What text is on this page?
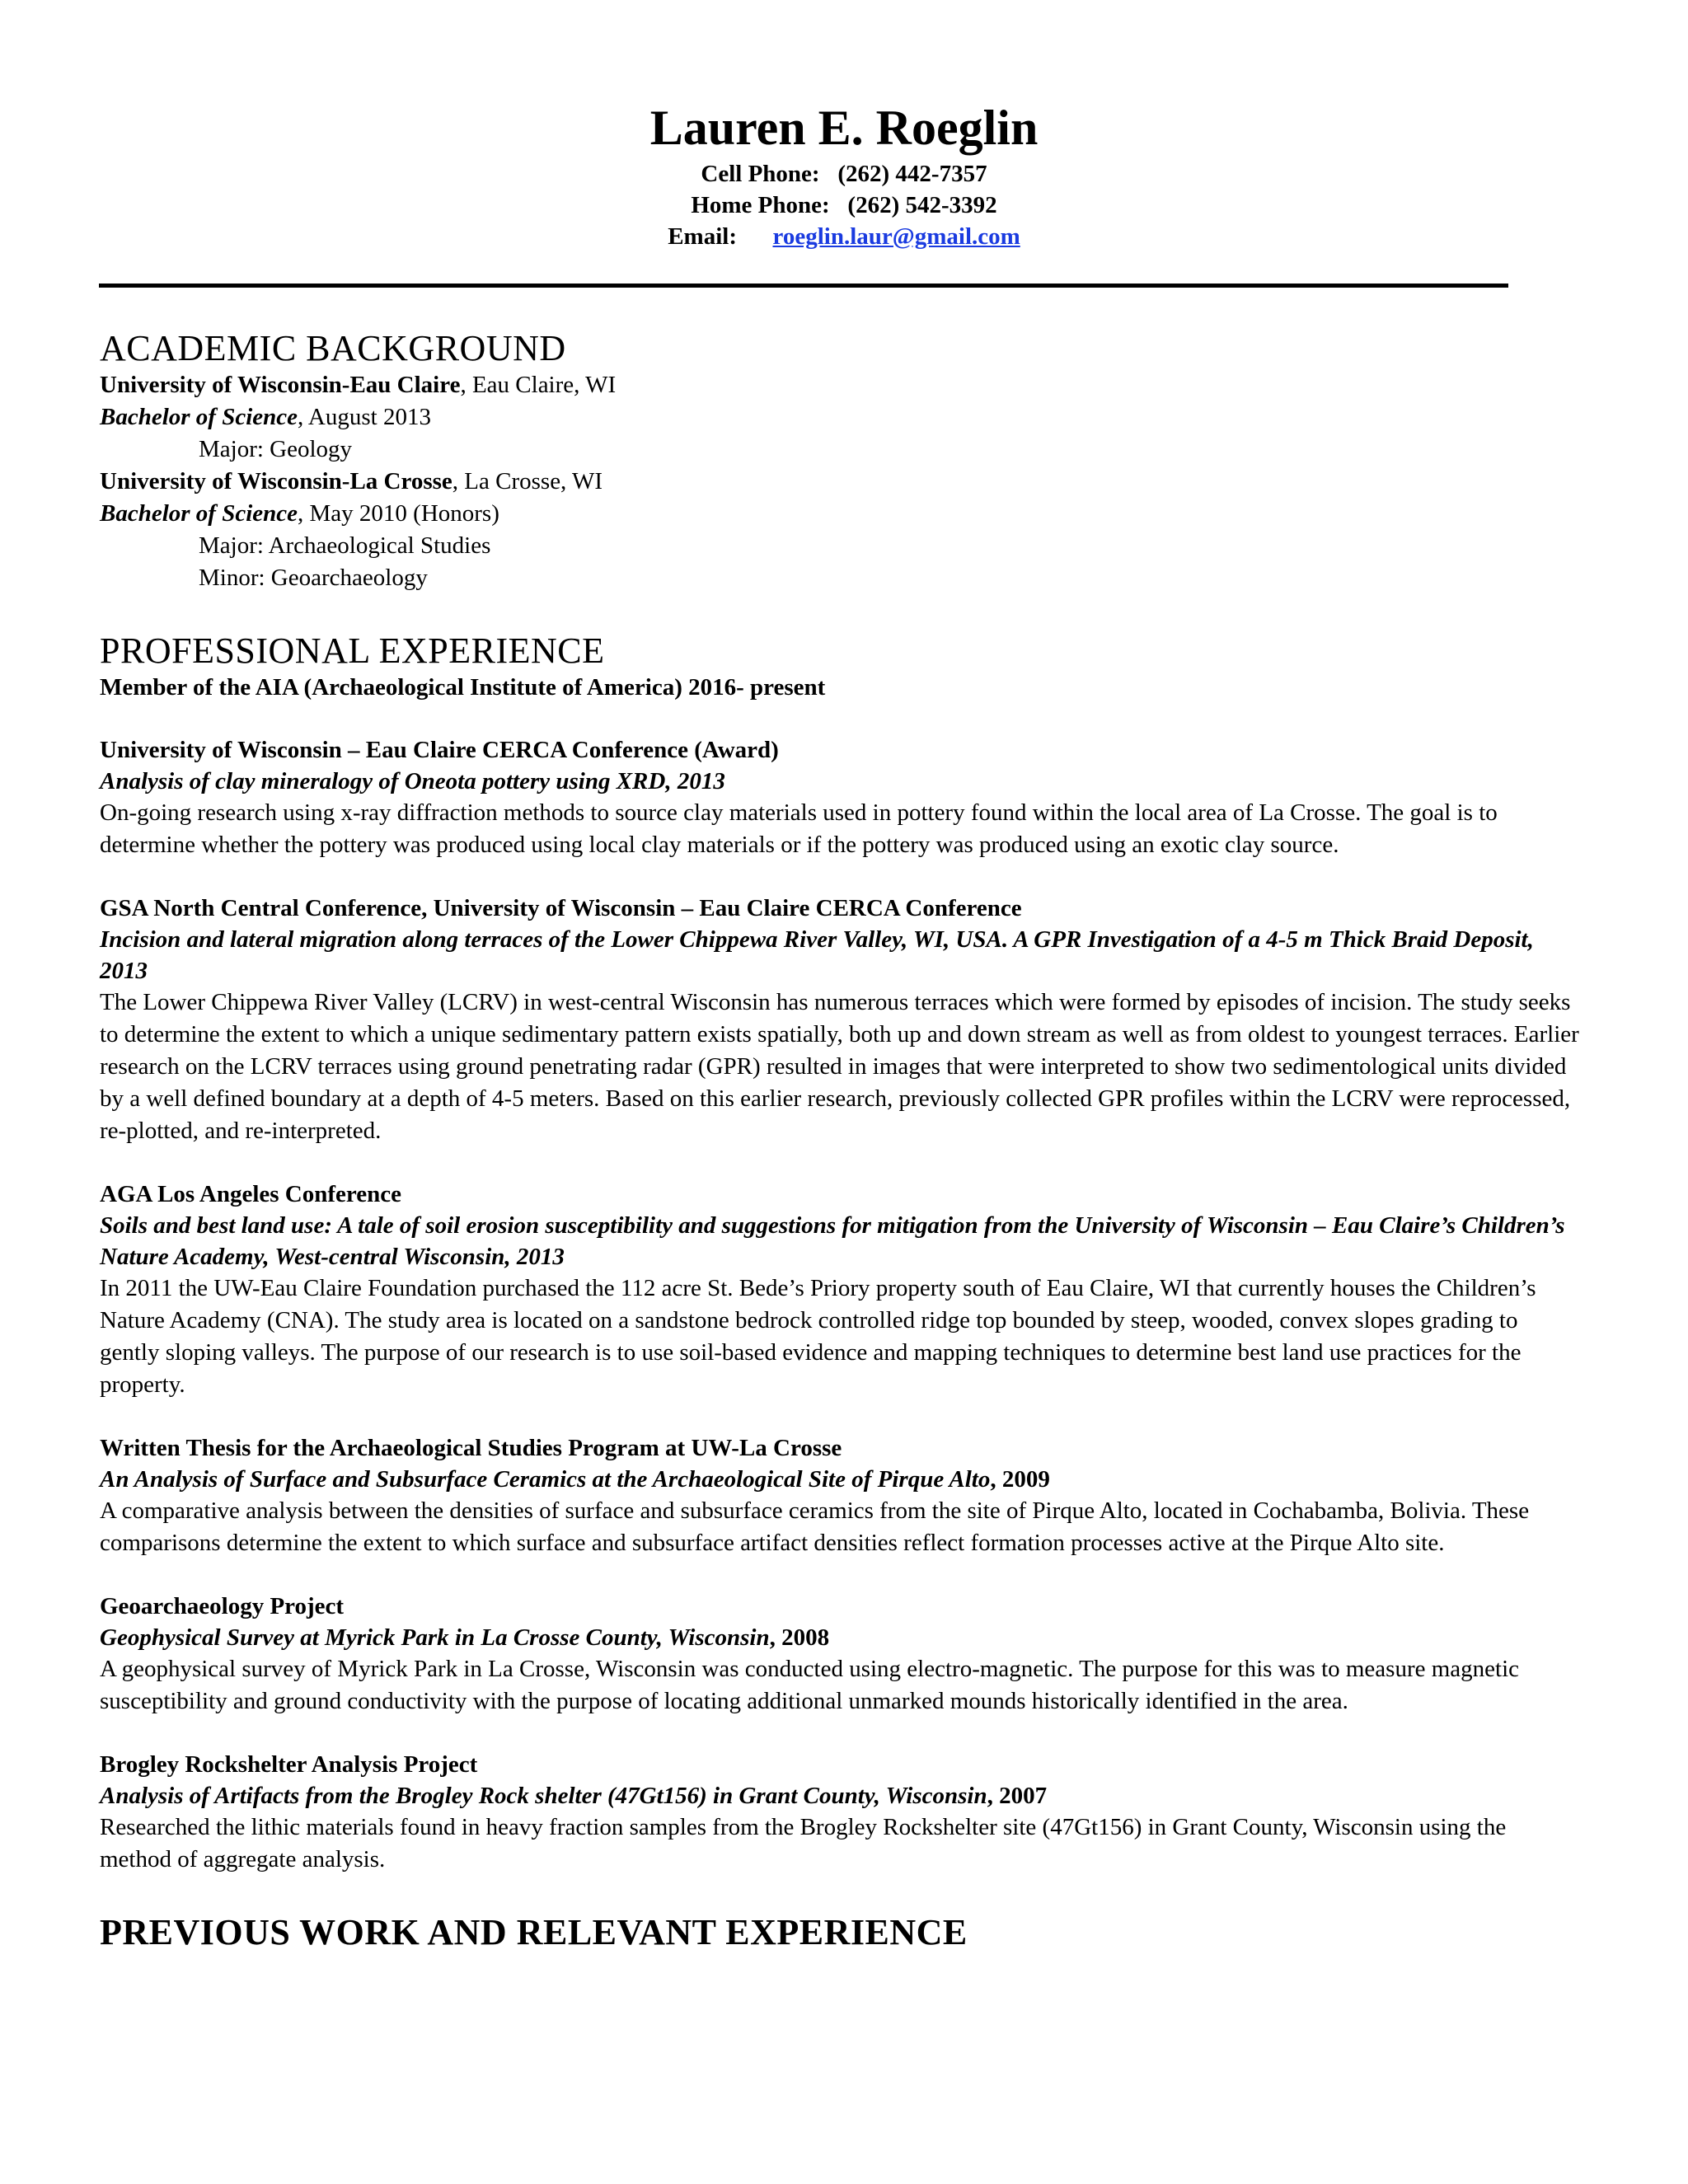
Lauren E. Roeglin
Cell Phone: (262) 442-7357
Home Phone: (262) 542-3392
Email: roeglin.laur@gmail.com
ACADEMIC BACKGROUND
University of Wisconsin-Eau Claire, Eau Claire, WI
Bachelor of Science, August 2013
Major: Geology
University of Wisconsin-La Crosse, La Crosse, WI
Bachelor of Science, May 2010 (Honors)
Major: Archaeological Studies
Minor: Geoarchaeology
PROFESSIONAL EXPERIENCE
Member of the AIA (Archaeological Institute of America) 2016- present
University of Wisconsin – Eau Claire CERCA Conference (Award)
Analysis of clay mineralogy of Oneota pottery using XRD, 2013
On-going research using x-ray diffraction methods to source clay materials used in pottery found within the local area of La Crosse. The goal is to determine whether the pottery was produced using local clay materials or if the pottery was produced using an exotic clay source.
GSA North Central Conference, University of Wisconsin – Eau Claire CERCA Conference
Incision and lateral migration along terraces of the Lower Chippewa River Valley, WI, USA. A GPR Investigation of a 4-5 m Thick Braid Deposit, 2013
The Lower Chippewa River Valley (LCRV) in west-central Wisconsin has numerous terraces which were formed by episodes of incision. The study seeks to determine the extent to which a unique sedimentary pattern exists spatially, both up and down stream as well as from oldest to youngest terraces. Earlier research on the LCRV terraces using ground penetrating radar (GPR) resulted in images that were interpreted to show two sedimentological units divided by a well defined boundary at a depth of 4-5 meters. Based on this earlier research, previously collected GPR profiles within the LCRV were reprocessed, re-plotted, and re-interpreted.
AGA Los Angeles Conference
Soils and best land use: A tale of soil erosion susceptibility and suggestions for mitigation from the University of Wisconsin – Eau Claire’s Children’s Nature Academy, West-central Wisconsin, 2013
In 2011 the UW-Eau Claire Foundation purchased the 112 acre St. Bede’s Priory property south of Eau Claire, WI that currently houses the Children’s Nature Academy (CNA). The study area is located on a sandstone bedrock controlled ridge top bounded by steep, wooded, convex slopes grading to gently sloping valleys. The purpose of our research is to use soil-based evidence and mapping techniques to determine best land use practices for the property.
Written Thesis for the Archaeological Studies Program at UW-La Crosse
An Analysis of Surface and Subsurface Ceramics at the Archaeological Site of Pirque Alto, 2009
A comparative analysis between the densities of surface and subsurface ceramics from the site of Pirque Alto, located in Cochabamba, Bolivia. These comparisons determine the extent to which surface and subsurface artifact densities reflect formation processes active at the Pirque Alto site.
Geoarchaeology Project
Geophysical Survey at Myrick Park in La Crosse County, Wisconsin, 2008
A geophysical survey of Myrick Park in La Crosse, Wisconsin was conducted using electro-magnetic. The purpose for this was to measure magnetic susceptibility and ground conductivity with the purpose of locating additional unmarked mounds historically identified in the area.
Brogley Rockshelter Analysis Project
Analysis of Artifacts from the Brogley Rock shelter (47Gt156) in Grant County, Wisconsin, 2007
Researched the lithic materials found in heavy fraction samples from the Brogley Rockshelter site (47Gt156) in Grant County, Wisconsin using the method of aggregate analysis.
PREVIOUS WORK AND RELEVANT EXPERIENCE
